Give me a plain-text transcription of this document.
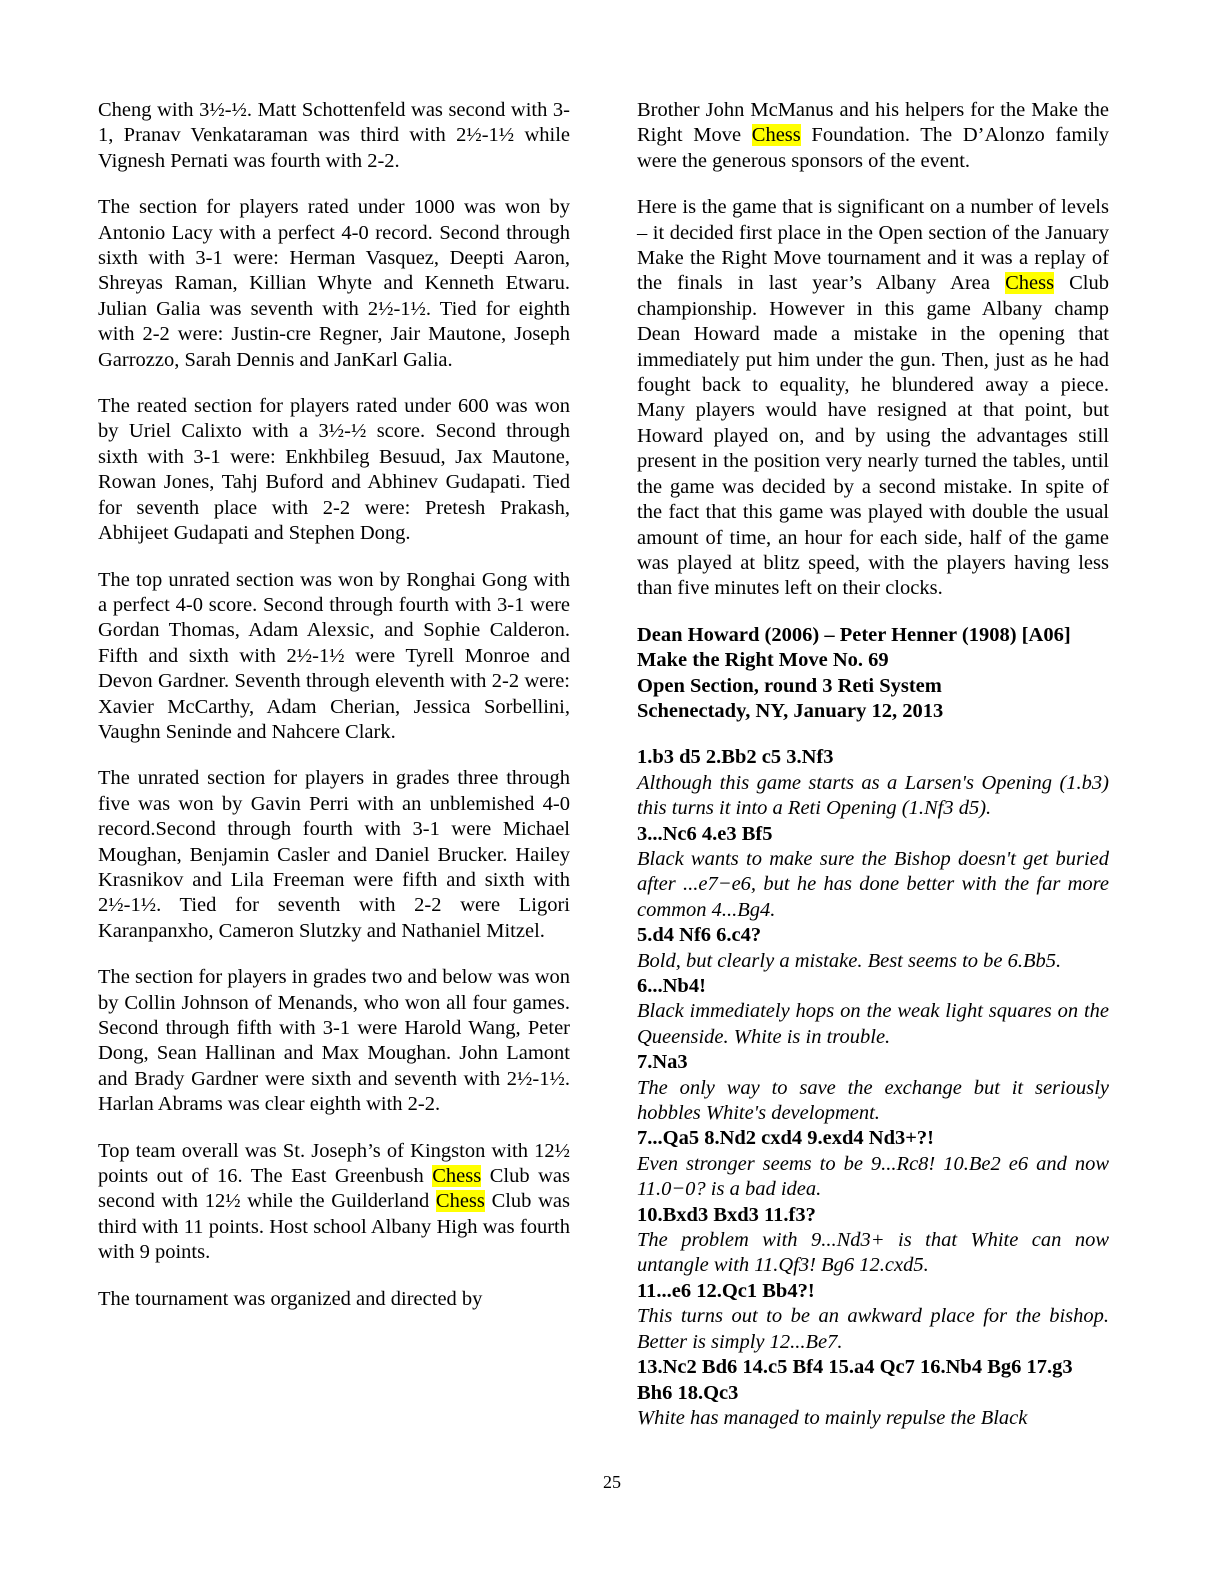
Cheng with 3½-½. Matt Schottenfeld was second with 3-1, Pranav Venkataraman was third with 2½-1½ while Vignesh Pernati was fourth with 2-2.

The section for players rated under 1000 was won by Antonio Lacy with a perfect 4-0 record. Second through sixth with 3-1 were: Herman Vasquez, Deepti Aaron, Shreyas Raman, Killian Whyte and Kenneth Etwaru. Julian Galia was seventh with 2½-1½. Tied for eighth with 2-2 were: Justin-cre Regner, Jair Mautone, Joseph Garrozzo, Sarah Dennis and JanKarl Galia.

The reated section for players rated under 600 was won by Uriel Calixto with a 3½-½ score. Second through sixth with 3-1 were: Enkhbileg Besuud, Jax Mautone, Rowan Jones, Tahj Buford and Abhinev Gudapati. Tied for seventh place with 2-2 were: Pretesh Prakash, Abhijeet Gudapati and Stephen Dong.

The top unrated section was won by Ronghai Gong with a perfect 4-0 score. Second through fourth with 3-1 were Gordan Thomas, Adam Alexsic, and Sophie Calderon. Fifth and sixth with 2½-1½ were Tyrell Monroe and Devon Gardner. Seventh through eleventh with 2-2 were: Xavier McCarthy, Adam Cherian, Jessica Sorbellini, Vaughn Seninde and Nahcere Clark.

The unrated section for players in grades three through five was won by Gavin Perri with an unblemished 4-0 record.Second through fourth with 3-1 were Michael Moughan, Benjamin Casler and Daniel Brucker. Hailey Krasnikov and Lila Freeman were fifth and sixth with 2½-1½. Tied for seventh with 2-2 were Ligori Karanpanxho, Cameron Slutzky and Nathaniel Mitzel.

The section for players in grades two and below was won by Collin Johnson of Menands, who won all four games. Second through fifth with 3-1 were Harold Wang, Peter Dong, Sean Hallinan and Max Moughan. John Lamont and Brady Gardner were sixth and seventh with 2½-1½. Harlan Abrams was clear eighth with 2-2.

Top team overall was St. Joseph’s of Kingston with 12½ points out of 16. The East Greenbush Chess Club was second with 12½ while the Guilderland Chess Club was third with 11 points. Host school Albany High was fourth with 9 points.

The tournament was organized and directed by

Brother John McManus and his helpers for the Make the Right Move Chess Foundation. The D’Alonzo family were the generous sponsors of the event.

Here is the game that is significant on a number of levels – it decided first place in the Open section of the January Make the Right Move tournament and it was a replay of the finals in last year’s Albany Area Chess Club championship. However in this game Albany champ Dean Howard made a mistake in the opening that immediately put him under the gun. Then, just as he had fought back to equality, he blundered away a piece. Many players would have resigned at that point, but Howard played on, and by using the advantages still present in the position very nearly turned the tables, until the game was decided by a second mistake. In spite of the fact that this game was played with double the usual amount of time, an hour for each side, half of the game was played at blitz speed, with the players having less than five minutes left on their clocks.

Dean Howard (2006) – Peter Henner (1908) [A06]
Make the Right Move No. 69
Open Section, round 3 Reti System
Schenectady, NY, January 12, 2013
1.b3 d5 2.Bb2 c5 3.Nf3
Although this game starts as a Larsen's Opening (1.b3) this turns it into a Reti Opening (1.Nf3 d5).
3...Nc6 4.e3 Bf5
Black wants to make sure the Bishop doesn't get buried after ...e7−e6, but he has done better with the far more common 4...Bg4.
5.d4 Nf6 6.c4?
Bold, but clearly a mistake. Best seems to be 6.Bb5.
6...Nb4!
Black immediately hops on the weak light squares on the Queenside. White is in trouble.
7.Na3
The only way to save the exchange but it seriously hobbles White's development.
7...Qa5 8.Nd2 cxd4 9.exd4 Nd3+?!
Even stronger seems to be 9...Rc8! 10.Be2 e6 and now 11.0−0? is a bad idea.
10.Bxd3 Bxd3 11.f3?
The problem with 9...Nd3+ is that White can now untangle with 11.Qf3! Bg6 12.cxd5.
11...e6 12.Qc1 Bb4?!
This turns out to be an awkward place for the bishop. Better is simply 12...Be7.
13.Nc2 Bd6 14.c5 Bf4 15.a4 Qc7 16.Nb4 Bg6 17.g3 Bh6 18.Qc3
White has managed to mainly repulse the Black
25
